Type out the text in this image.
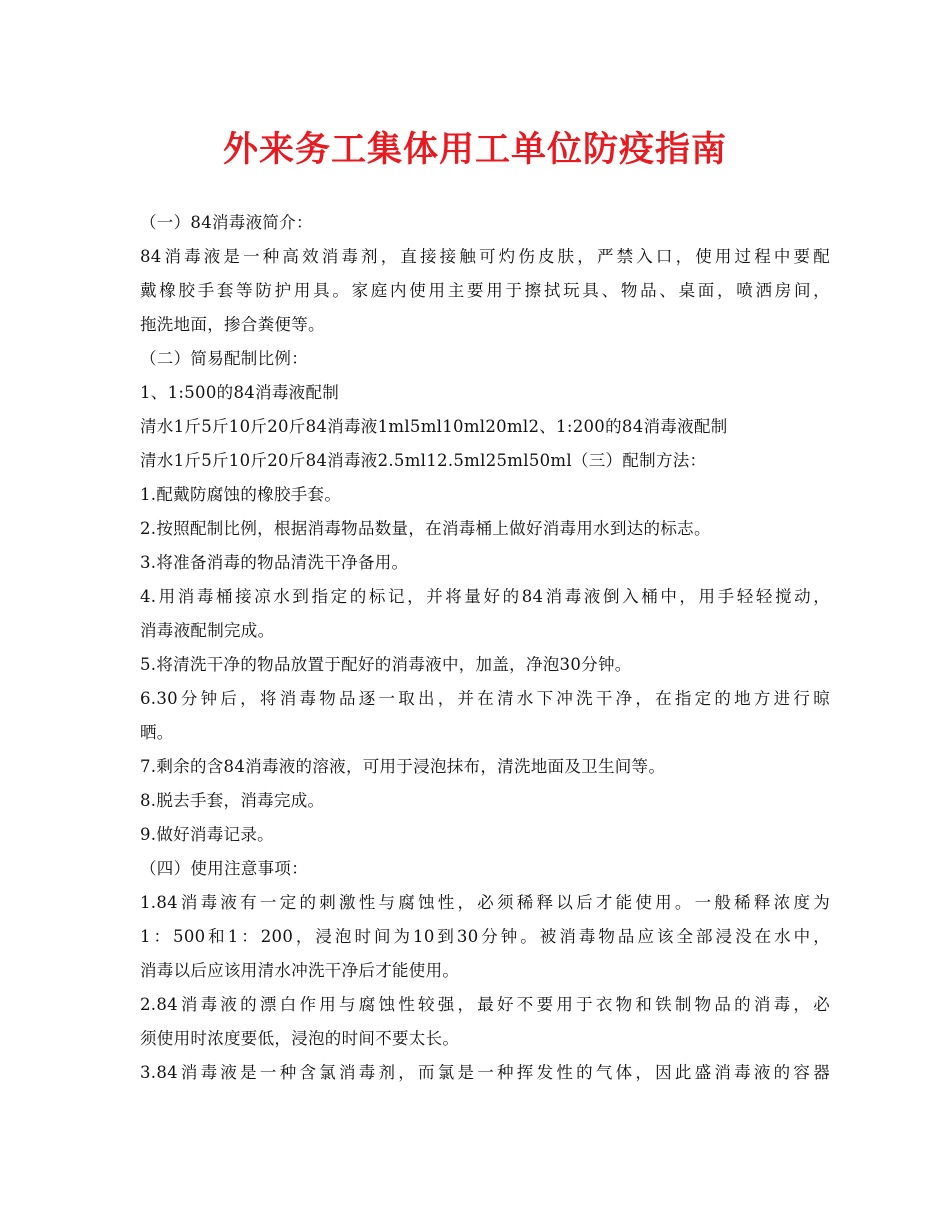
外来务工集体用工单位防疫指南
（一）84消毒液简介：
84消毒液是一种高效消毒剂，直接接触可灼伤皮肤，严禁入口，使用过程中要配
戴橡胶手套等防护用具。家庭内使用主要用于擦拭玩具、物品、桌面，喷洒房间，
拖洗地面，掺合粪便等。
（二）简易配制比例：
1、1:500的84消毒液配制
清水1斤5斤10斤20斤84消毒液1ml5ml10ml20ml2、1:200的84消毒液配制
清水1斤5斤10斤20斤84消毒液2.5ml12.5ml25ml50ml（三）配制方法：
1.配戴防腐蚀的橡胶手套。
2.按照配制比例，根据消毒物品数量，在消毒桶上做好消毒用水到达的标志。
3.将准备消毒的物品清洗干净备用。
4.用消毒桶接凉水到指定的标记，并将量好的84消毒液倒入桶中，用手轻轻搅动，
消毒液配制完成。
5.将清洗干净的物品放置于配好的消毒液中，加盖，净泡30分钟。
6.30分钟后，将消毒物品逐一取出，并在清水下冲洗干净，在指定的地方进行晾
晒。
7.剩余的含84消毒液的溶液，可用于浸泡抹布，清洗地面及卫生间等。
8.脱去手套，消毒完成。
9.做好消毒记录。
（四）使用注意事项：
1.84消毒液有一定的刺激性与腐蚀性，必须稀释以后才能使用。一般稀释浓度为
1：500和1：200，浸泡时间为10到30分钟。被消毒物品应该全部浸没在水中，
消毒以后应该用清水冲洗干净后才能使用。
2.84消毒液的漂白作用与腐蚀性较强，最好不要用于衣物和铁制物品的消毒，必
须使用时浓度要低，浸泡的时间不要太长。
3.84消毒液是一种含氯消毒剂，而氯是一种挥发性的气体，因此盛消毒液的容器
